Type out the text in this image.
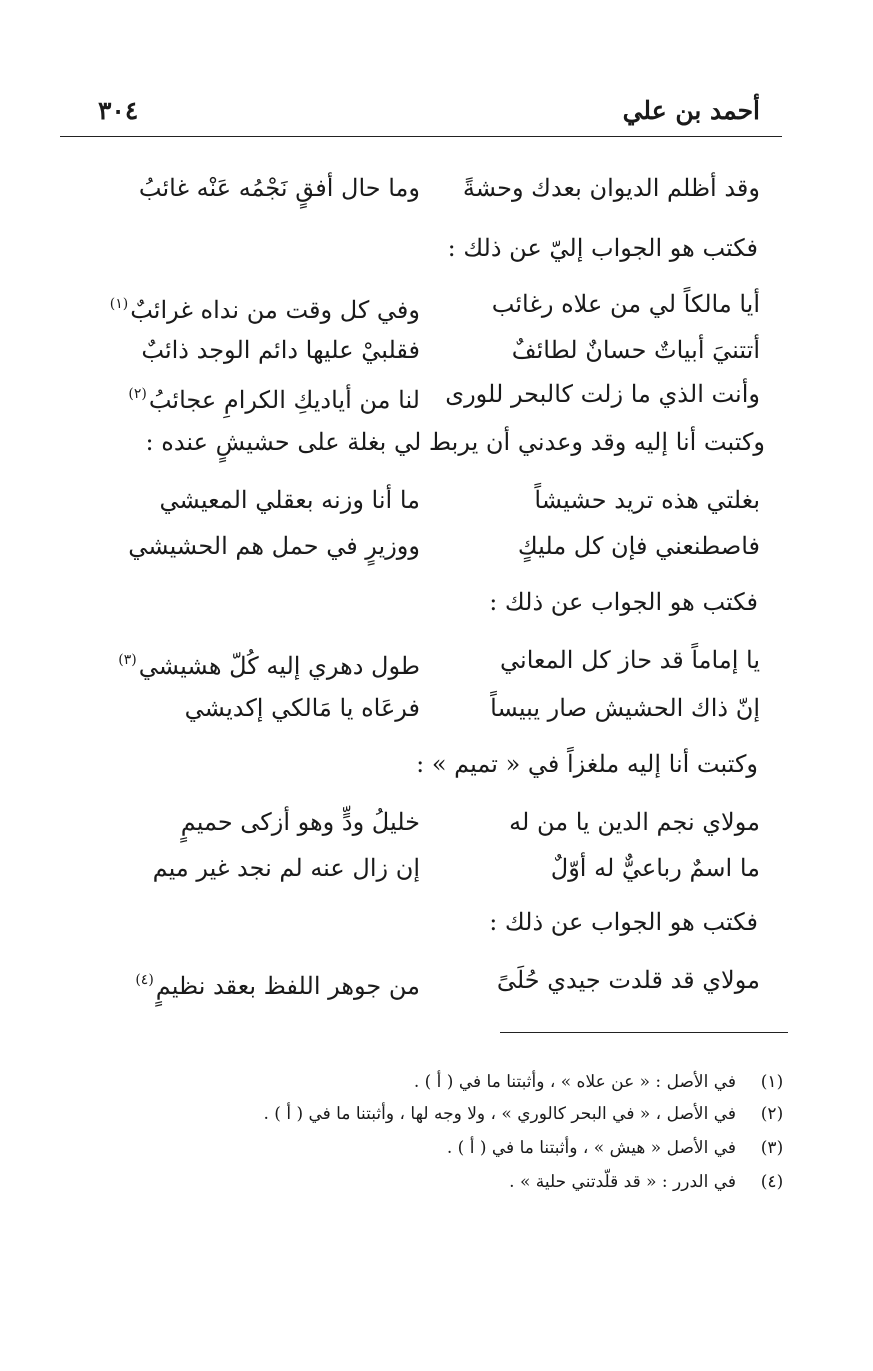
أحمد بن علي
٣٠٤
وقد أظلم الديوان بعدك وحشةً
وما حال أفقٍ نَجْمُه عَنْه غائبُ
فكتب هو الجواب إليّ عن ذلك :
أيا مالكاً لي من علاه رغائب
وفي كل وقت من نداه غرائبٌ$^{(١)}$
أتتنيَ أبياتٌ حسانٌ لطائفٌ
فقلبيْ عليها دائم الوجد ذائبٌ
وأنت الذي ما زلت كالبحر للورى
لنا من أياديكِ الكرامِ عجائبُ$^{(٢)}$
وكتبت أنا إليه وقد وعدني أن يربط لي بغلة على حشيشٍ عنده :
بغلتي هذه تريد حشيشاً
ما أنا وزنه بعقلي المعيشي
فاصطنعني فإن كل مليكٍ
ووزيرٍ في حمل هم الحشيشي
فكتب هو الجواب عن ذلك :
يا إماماً قد حاز كل المعاني
طول دهري إليه كُلّ هشيشي$^{(٣)}$
إنّ ذاك الحشيش صار يبيساً
فرعَاه يا مَالكي إكديشي
وكتبت أنا إليه ملغزاً في « تميم » :
مولاي نجم الدين يا من له
خليلُ ودٍّ وهو أزكى حميمٍ
ما اسمٌ رباعيٌّ له أوّلٌ
إن زال عنه لم نجد غير ميم
فكتب هو الجواب عن ذلك :
مولاي قد قلدت جيدي حُلَىً
من جوهر اللفظ بعقد نظيمٍ$^{(٤)}$
(١)
في الأصل : « عن علاه » ، وأثبتنا ما في ( أ ) .
(٢)
في الأصل ، « في البحر كالوري » ، ولا وجه لها ، وأثبتنا ما في ( أ ) .
(٣)
في الأصل « هيش » ، وأثبتنا ما في ( أ ) .
(٤)
في الدرر : « قد قلّدتني حلية » .
